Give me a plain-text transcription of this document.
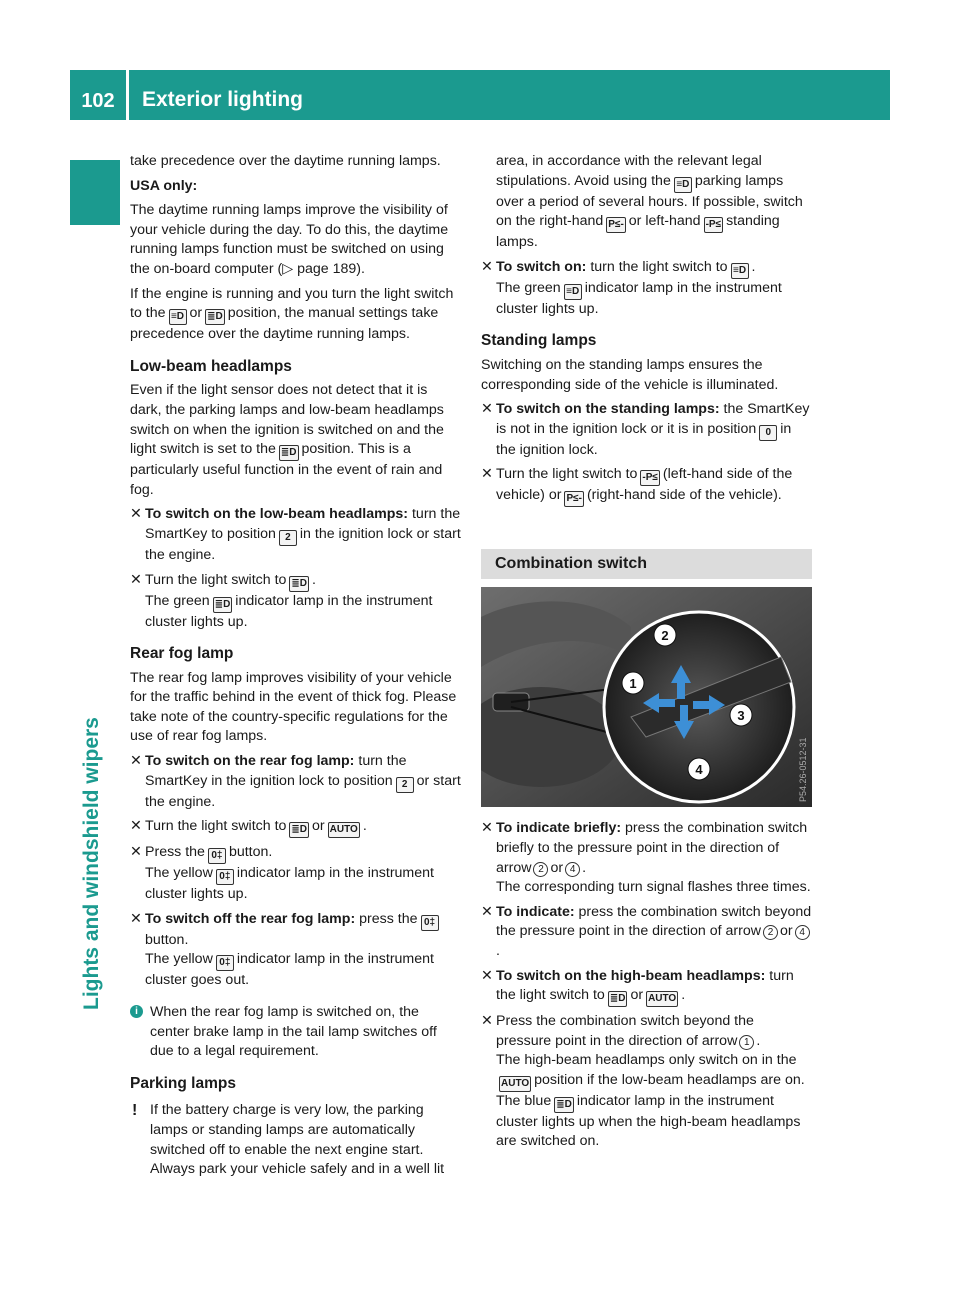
102	Exterior lighting
Lights and windshield wipers

take precedence over the daytime running lamps.

USA only:

The daytime running lamps improve the visibility of your vehicle during the day. To do this, the daytime running lamps function must be switched on using the on-board computer (▷ page 189).

If the engine is running and you turn the light switch to the ≡D or ≣D position, the manual settings take precedence over the daytime running lamps.

Low-beam headlamps

Even if the light sensor does not detect that it is dark, the parking lamps and low-beam headlamps switch on when the ignition is switched on and the light switch is set to the ≣D position. This is a particularly useful function in the event of rain and fog.

✕ To switch on the low-beam headlamps: turn the SmartKey to position 2 in the ignition lock or start the engine.
✕ Turn the light switch to ≣D .
The green ≣D indicator lamp in the instrument cluster lights up.
Rear fog lamp

The rear fog lamp improves visibility of your vehicle for the traffic behind in the event of thick fog. Please take note of the country-specific regulations for the use of rear fog lamps.

✕ To switch on the rear fog lamp: turn the SmartKey in the ignition lock to position 2 or start the engine.
✕ Turn the light switch to ≣D or AUTO .
✕ Press the 0‡ button.
The yellow 0‡ indicator lamp in the instrument cluster lights up.
✕ To switch off the rear fog lamp: press the 0‡button.
The yellow 0‡ indicator lamp in the instrument cluster goes out.
i When the rear fog lamp is switched on, the center brake lamp in the tail lamp switches off due to a legal requirement.
Parking lamps
! If the battery charge is very low, the parking lamps or standing lamps are automatically switched off to enable the next engine start. Always park your vehicle safely and in a well lit

area, in accordance with the relevant legal stipulations. Avoid using the ≡D parking lamps over a period of several hours. If possible, switch on the right-hand P≤- or left-hand -P≤ standing lamps.

✕ To switch on: turn the light switch to ≡D .
The green ≡D indicator lamp in the instrument cluster lights up.
Standing lamps

Switching on the standing lamps ensures the corresponding side of the vehicle is illuminated.

✕ To switch on the standing lamps: the SmartKey is not in the ignition lock or it is in position 0 in the ignition lock.
✕ Turn the light switch to -P≤ (left-hand side of the vehicle) or P≤- (right-hand side of the vehicle).
Combination switch
2
1
3
4	P54.26-0512-31
✕ To indicate briefly: press the combination switch briefly to the pressure point in the direction of arrow 2 or 4 .
The corresponding turn signal flashes three times.
✕ To indicate: press the combination switch beyond the pressure point in the direction of arrow 2 or 4.
✕ To switch on the high-beam headlamps: turn the light switch to ≣D or AUTO .
✕ Press the combination switch beyond the pressure point in the direction of arrow 1 .
The high-beam headlamps only switch on in theAUTO position if the low-beam headlamps are on.
The blue ≣D indicator lamp in the instrument cluster lights up when the high-beam headlamps are switched on.
